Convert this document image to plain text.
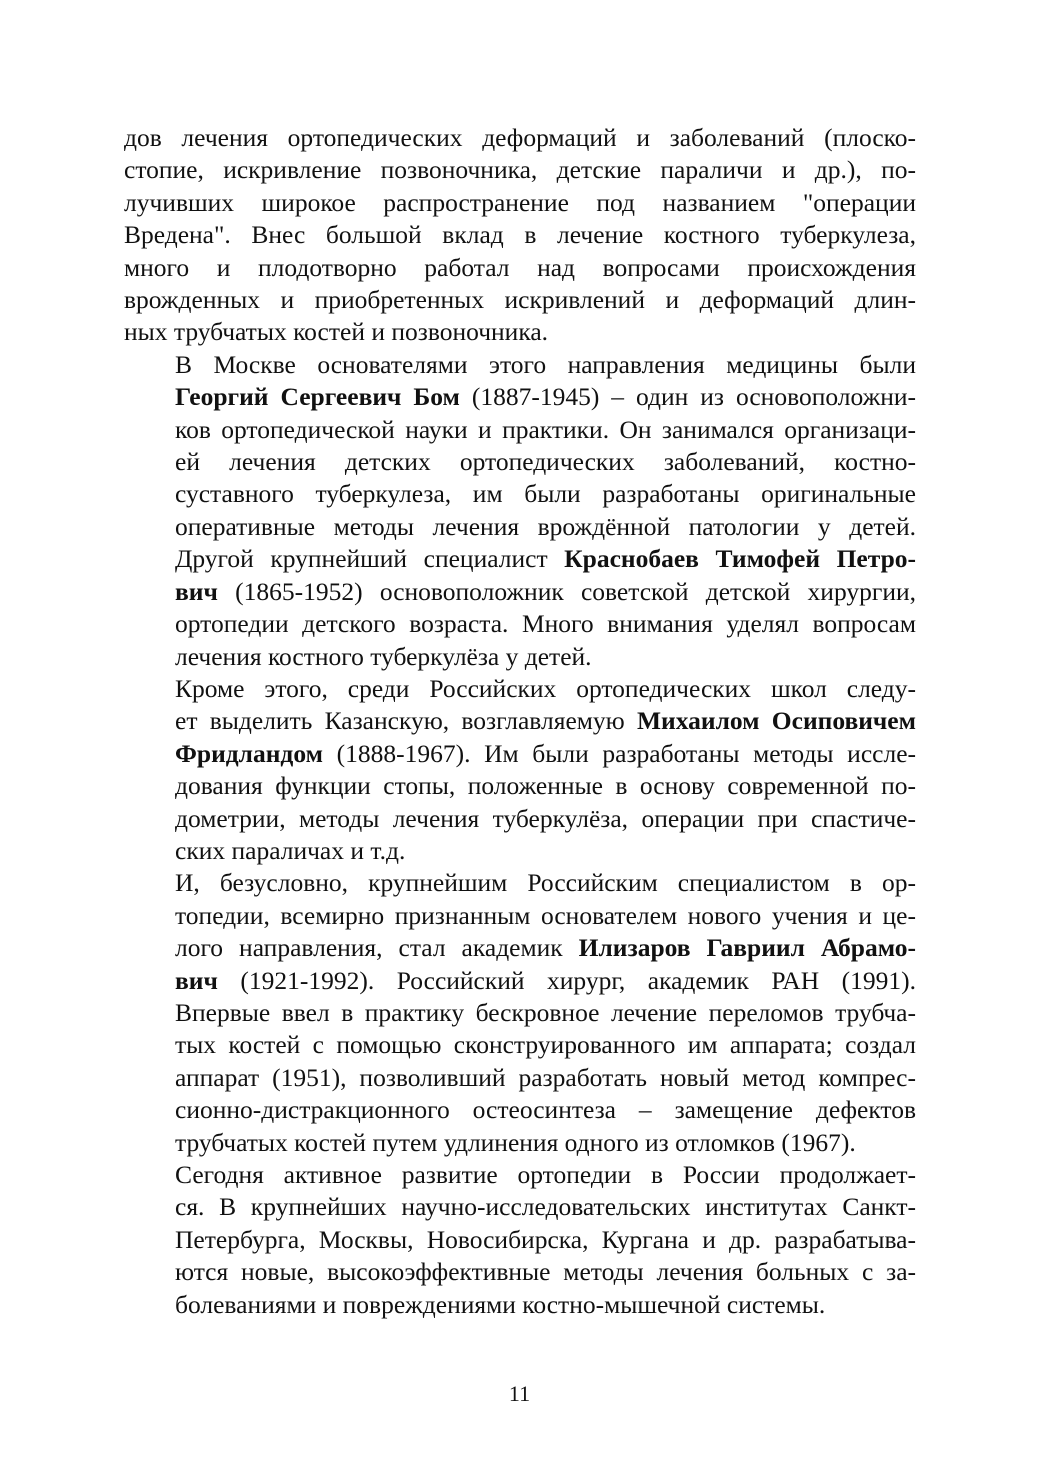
дов лечения ортопедических деформаций и заболеваний (плоско-
стопие, искривление позвоночника, детские параличи и др.), по-
лучивших широкое распространение под названием "операции
Вредена". Внес большой вклад в лечение костного туберкулеза,
много и плодотворно работал над вопросами происхождения
врожденных и приобретенных искривлений и деформаций длин-
ных трубчатых костей и позвоночника.

В Москве основателями этого направления медицины были
Георгий Сергеевич Бом (1887-1945) – один из основоположни-
ков ортопедической науки и практики. Он занимался организаци-
ей лечения детских ортопедических заболеваний, костно-
суставного туберкулеза, им были разработаны оригинальные
оперативные методы лечения врождённой патологии у детей.
Другой крупнейший специалист Краснобаев Тимофей Петро-
вич (1865-1952) основоположник советской детской хирургии,
ортопедии детского возраста. Много внимания уделял вопросам
лечения костного туберкулёза у детей.

Кроме этого, среди Российских ортопедических школ следу-
ет выделить Казанскую, возглавляемую Михаилом Осиповичем
Фридландом (1888-1967). Им были разработаны методы иссле-
дования функции стопы, положенные в основу современной по-
дометрии, методы лечения туберкулёза, операции при спастиче-
ских параличах и т.д.

И, безусловно, крупнейшим Российским специалистом в ор-
топедии, всемирно признанным основателем нового учения и це-
лого направления, стал академик Илизаров Гавриил Абрамо-
вич (1921-1992). Российский хирург, академик РАН (1991).
Впервые ввел в практику бескровное лечение переломов трубча-
тых костей с помощью сконструированного им аппарата; создал
аппарат (1951), позволивший разработать новый метод компрес-
сионно-дистракционного остеосинтеза – замещение дефектов
трубчатых костей путем удлинения одного из отломков (1967).

Сегодня активное развитие ортопедии в России продолжает-
ся. В крупнейших научно-исследовательских институтах Санкт-
Петербурга, Москвы, Новосибирска, Кургана и др. разрабатыва-
ются новые, высокоэффективные методы лечения больных с за-
болеваниями и повреждениями костно-мышечной системы.

11
